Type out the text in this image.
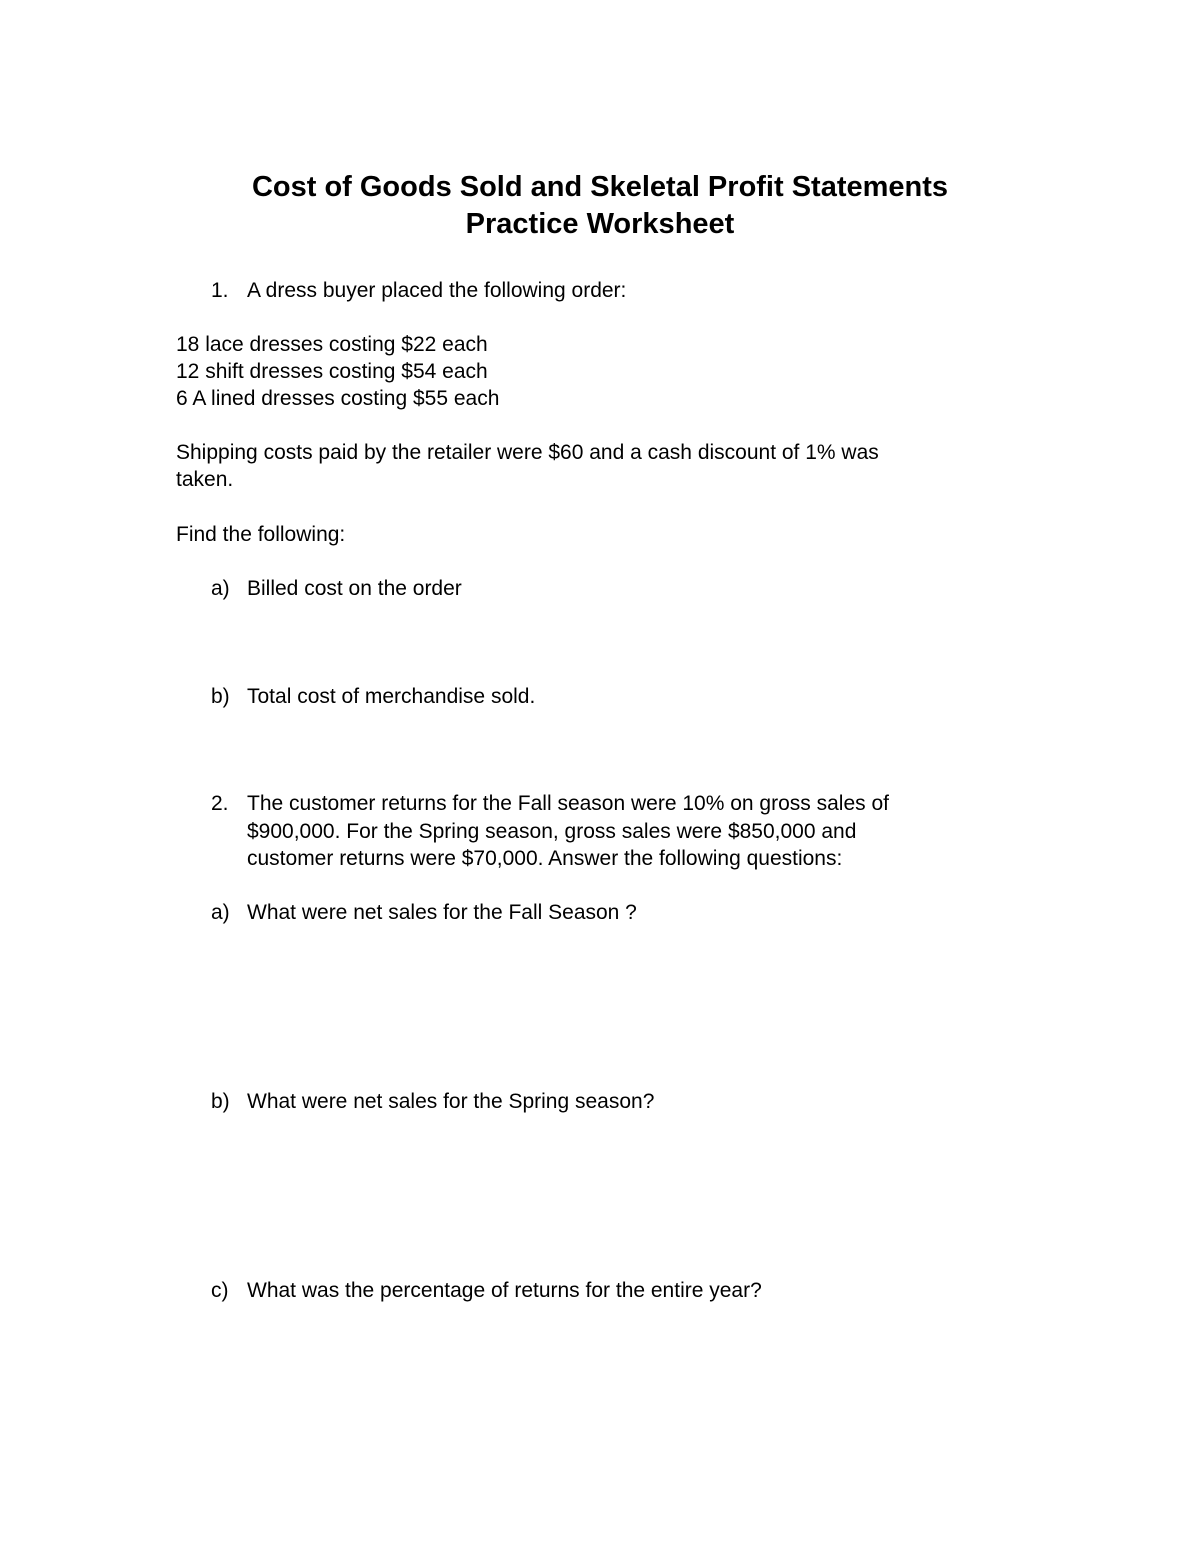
Cost of Goods Sold and Skeletal Profit Statements
Practice Worksheet
1. A dress buyer placed the following order:
18 lace dresses costing $22 each
12 shift dresses costing $54 each
6 A lined dresses costing $55 each
Shipping costs paid by the retailer were $60 and a cash discount of 1% was
taken.
Find the following:
a) Billed cost on the order
b) Total cost of merchandise sold.
2. The customer returns for the Fall season were 10% on gross sales of
$900,000. For the Spring season, gross sales were $850,000 and
customer returns were $70,000. Answer the following questions:
a) What were net sales for the Fall Season ?
b) What were net sales for the Spring season?
c) What was the percentage of returns for the entire year?
